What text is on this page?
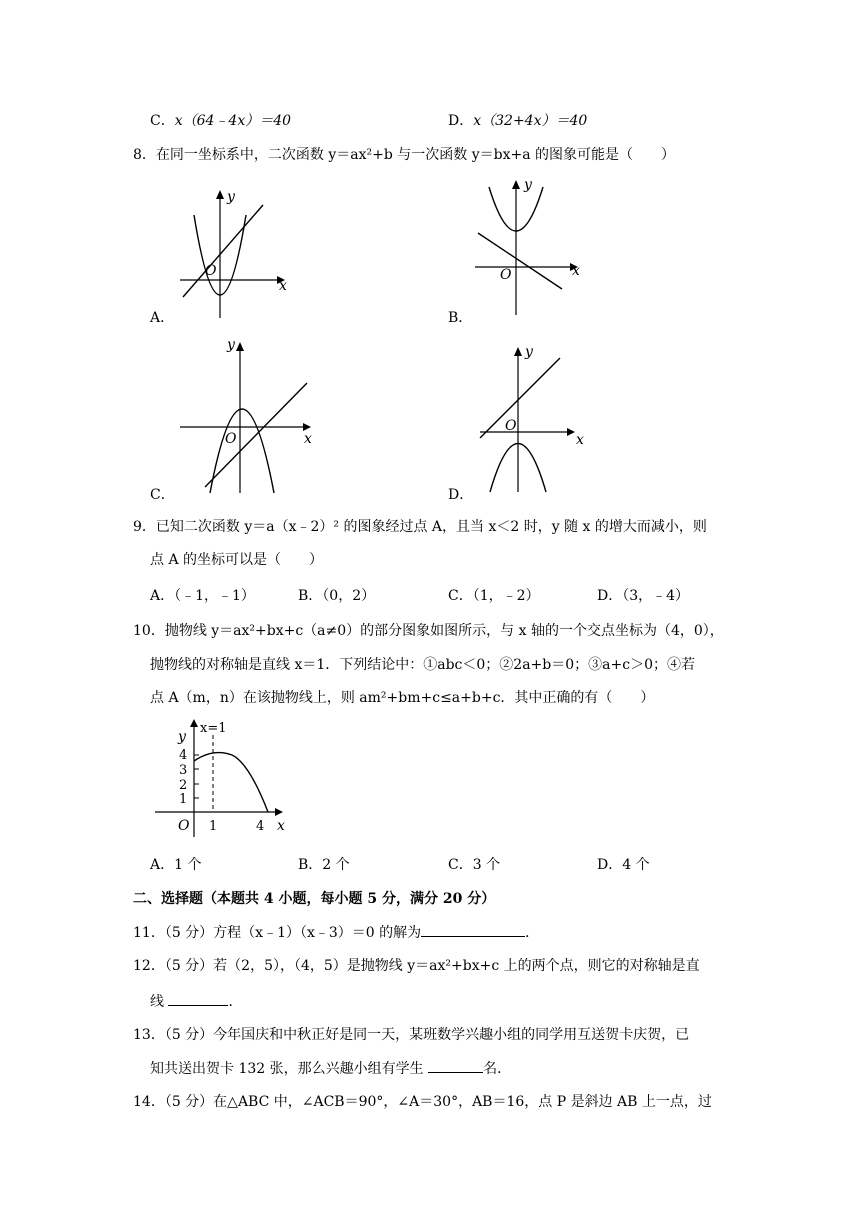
C．x（64﹣4x）＝40	D．x（32+4x）＝40
8．在同一坐标系中，二次函数 y＝ax²+b 与一次函数 y＝bx+a 的图象可能是（　　）
O
x
y
A．
O	x
y
B．
O	x
y
C．
O
x
y
D．
9．已知二次函数 y＝a（x﹣2）² 的图象经过点 A，且当 x＜2 时，y 随 x 的增大而减小，则
点 A 的坐标可以是（　　）
A．（﹣1，﹣1）	B．（0，2）	C．（1，﹣2）	D．（3，﹣4）
10．抛物线 y＝ax²+bx+c（a≠0）的部分图象如图所示，与 x 轴的一个交点坐标为（4，0），
抛物线的对称轴是直线 x＝1．下列结论中：①abc＜0；②2a+b＝0；③a+c＞0；④若
点 A（m，n）在该抛物线上，则 am²+bm+c≤a+b+c．其中正确的有（　　）
y
x=1
4
3
2
1
O 1	4 x
A．1 个	B．2 个	C．3 个	D．4 个
二、选择题（本题共 4 小题，每小题 5 分，满分 20 分）
11．（5 分）方程（x﹣1）（x﹣3）＝0 的解为	．
12．（5 分）若（2，5），（4，5）是抛物线 y＝ax²+bx+c 上的两个点，则它的对称轴是直
线	．
13．（5 分）今年国庆和中秋正好是同一天，某班数学兴趣小组的同学用互送贺卡庆贺，已
知共送出贺卡 132 张，那么兴趣小组有学生	名．
14．（5 分）在△ABC 中，∠ACB＝90°，∠A＝30°，AB＝16，点 P 是斜边 AB 上一点，过
